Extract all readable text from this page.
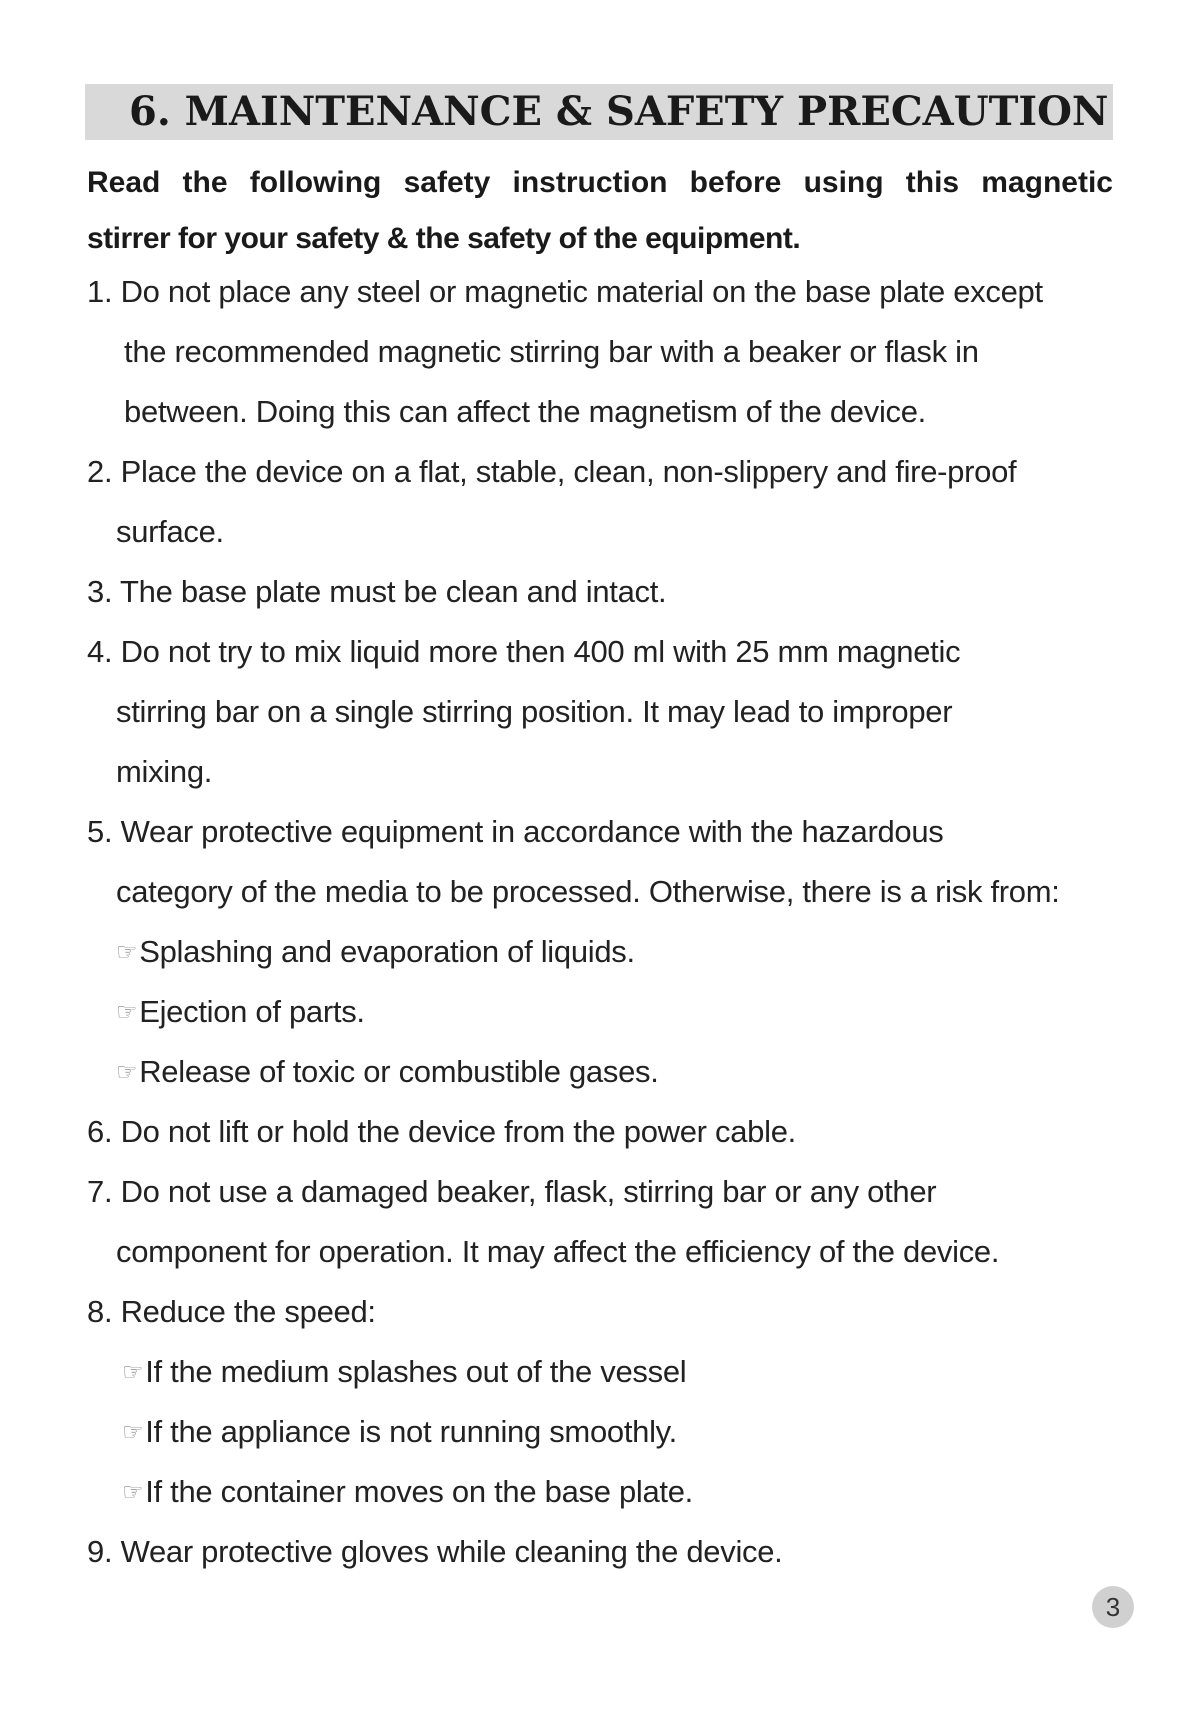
6. MAINTENANCE & SAFETY PRECAUTION
Read the following safety instruction before using this magnetic
stirrer for your safety & the safety of the equipment.
1. Do not place any steel or magnetic material on the base plate except
the recommended magnetic stirring bar with a beaker or flask in
between. Doing this can affect the magnetism of the device.
2. Place the device on a flat, stable, clean, non-slippery and fire-proof
surface.
3. The base plate must be clean and intact.
4. Do not try to mix liquid more then 400 ml with 25 mm magnetic
stirring bar on a single stirring position. It may lead to improper
mixing.
5. Wear protective equipment in accordance with the hazardous
category of the media to be processed. Otherwise, there is a risk from:
☞Splashing and evaporation of liquids.
☞Ejection of parts.
☞Release of toxic or combustible gases.
6. Do not lift or hold the device from the power cable.
7. Do not use a damaged beaker, flask, stirring bar or any other
component for operation. It may affect the efficiency of the device.
8. Reduce the speed:
☞If the medium splashes out of the vessel
☞If the appliance is not running smoothly.
☞If the container moves on the base plate.
9. Wear protective gloves while cleaning the device.
3
